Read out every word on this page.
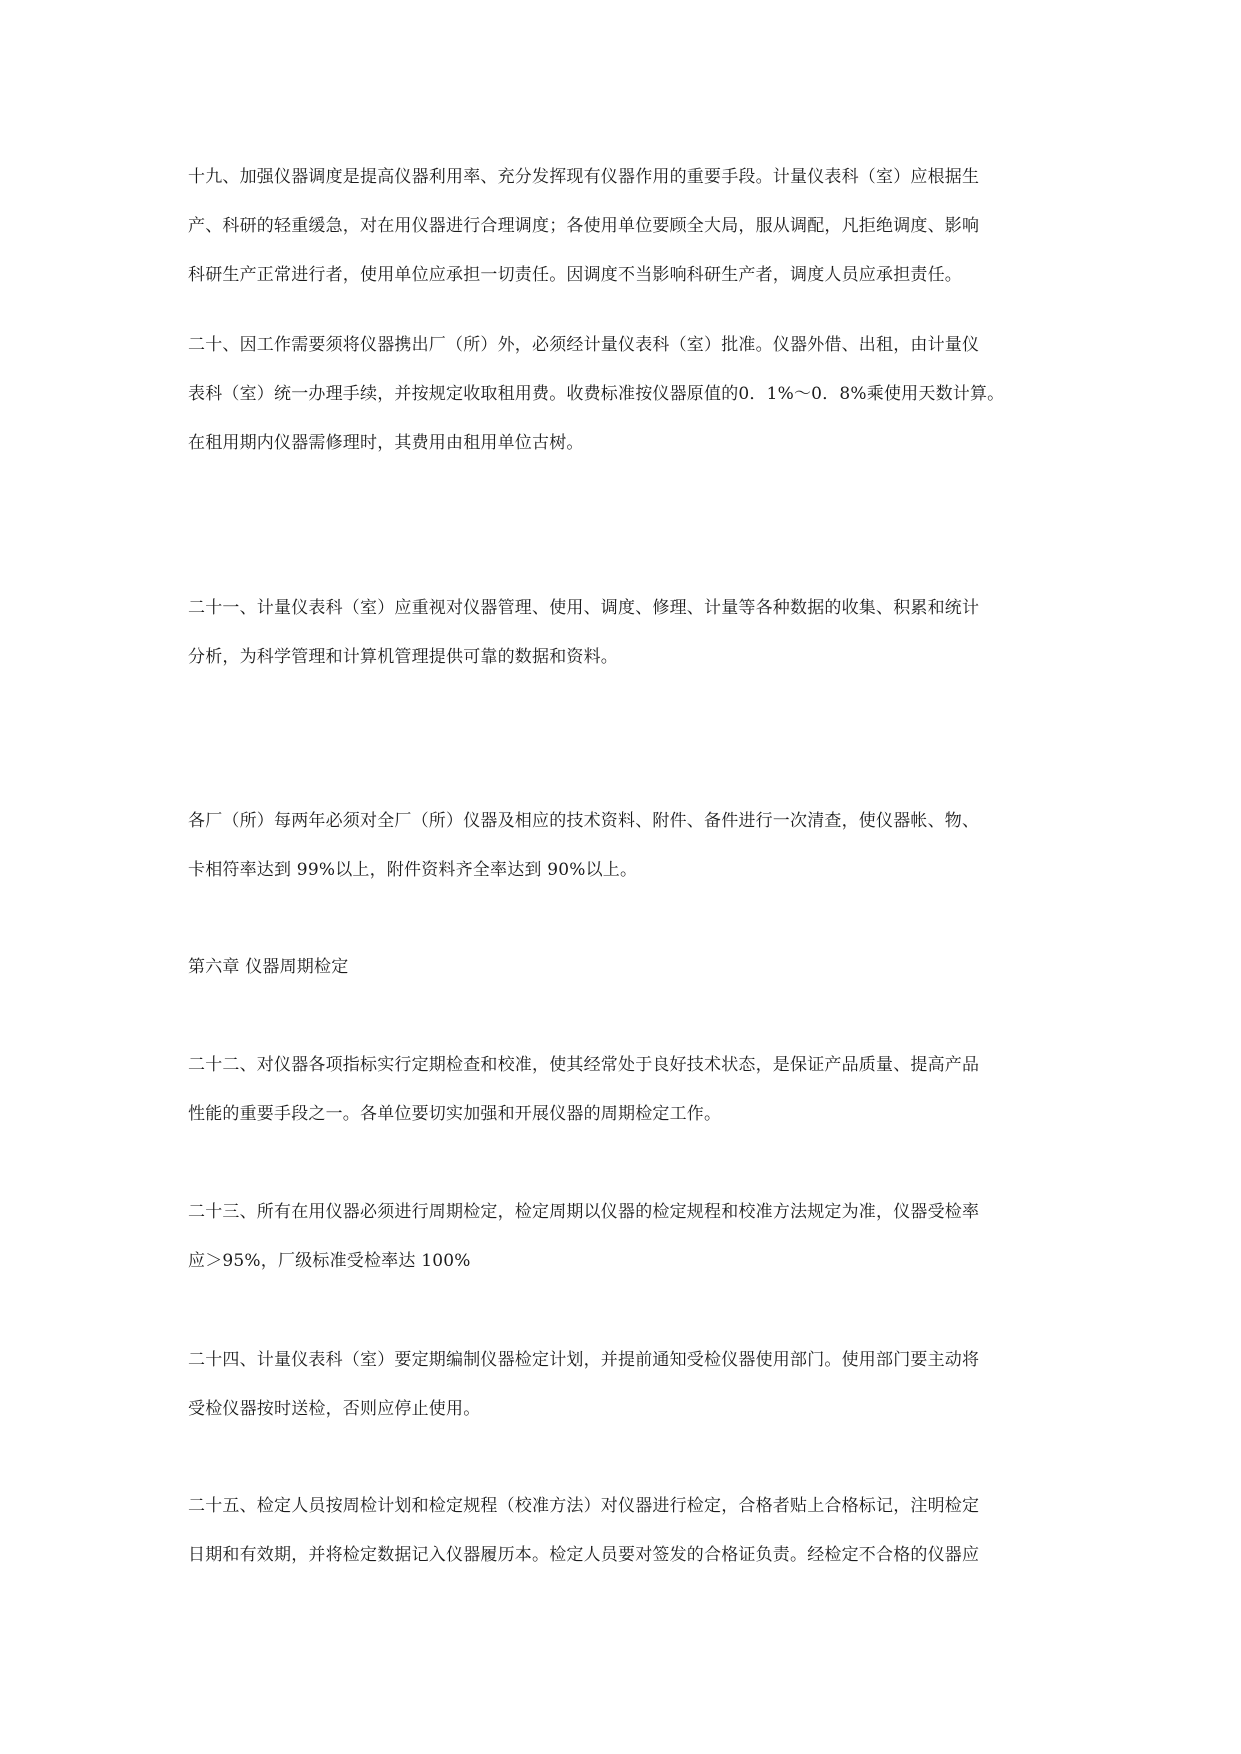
十九、加强仪器调度是提高仪器利用率、充分发挥现有仪器作用的重要手段。计量仪表科（室）应根据生
产、科研的轻重缓急，对在用仪器进行合理调度；各使用单位要顾全大局，服从调配，凡拒绝调度、影响
科研生产正常进行者，使用单位应承担一切责任。因调度不当影响科研生产者，调度人员应承担责任。

二十、因工作需要须将仪器携出厂（所）外，必须经计量仪表科（室）批准。仪器外借、出租，由计量仪
表科（室）统一办理手续，并按规定收取租用费。收费标准按仪器原值的0．1%～0．8%乘使用天数计算。
在租用期内仪器需修理时，其费用由租用单位古树。

二十一、计量仪表科（室）应重视对仪器管理、使用、调度、修理、计量等各种数据的收集、积累和统计
分析，为科学管理和计算机管理提供可靠的数据和资料。

各厂（所）每两年必须对全厂（所）仪器及相应的技术资料、附件、备件进行一次清查，使仪器帐、物、
卡相符率达到 99%以上，附件资料齐全率达到 90%以上。

第六章 仪器周期检定

二十二、对仪器各项指标实行定期检查和校准，使其经常处于良好技术状态，是保证产品质量、提高产品
性能的重要手段之一。各单位要切实加强和开展仪器的周期检定工作。

二十三、所有在用仪器必须进行周期检定，检定周期以仪器的检定规程和校准方法规定为准，仪器受检率
应＞95%，厂级标准受检率达 100%

二十四、计量仪表科（室）要定期编制仪器检定计划，并提前通知受检仪器使用部门。使用部门要主动将
受检仪器按时送检，否则应停止使用。

二十五、检定人员按周检计划和检定规程（校准方法）对仪器进行检定，合格者贴上合格标记，注明检定
日期和有效期，并将检定数据记入仪器履历本。检定人员要对签发的合格证负责。经检定不合格的仪器应
